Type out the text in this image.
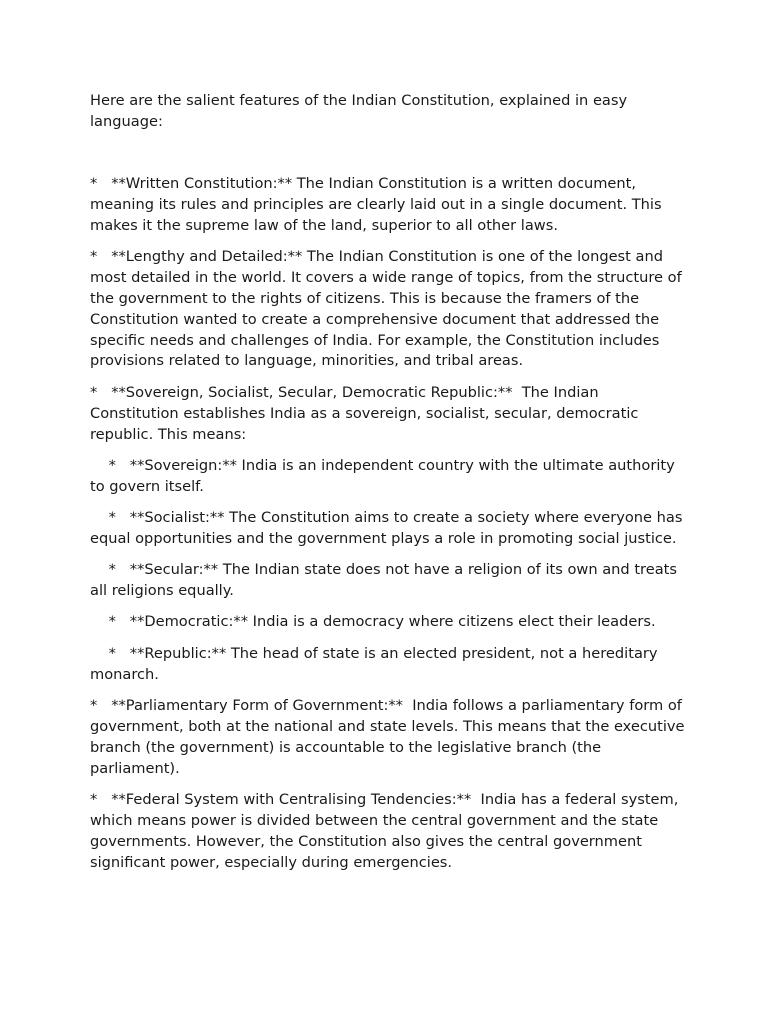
Here are the salient features of the Indian Constitution, explained in easy language:

*   **Written Constitution:** The Indian Constitution is a written document, meaning its rules and principles are clearly laid out in a single document. This makes it the supreme law of the land, superior to all other laws.

*   **Lengthy and Detailed:** The Indian Constitution is one of the longest and most detailed in the world. It covers a wide range of topics, from the structure of the government to the rights of citizens. This is because the framers of the Constitution wanted to create a comprehensive document that addressed the specific needs and challenges of India. For example, the Constitution includes provisions related to language, minorities, and tribal areas.

*   **Sovereign, Socialist, Secular, Democratic Republic:**  The Indian Constitution establishes India as a sovereign, socialist, secular, democratic republic. This means:

*   **Sovereign:** India is an independent country with the ultimate authority to govern itself.

*   **Socialist:** The Constitution aims to create a society where everyone has equal opportunities and the government plays a role in promoting social justice.

*   **Secular:** The Indian state does not have a religion of its own and treats all religions equally.

*   **Democratic:** India is a democracy where citizens elect their leaders.

*   **Republic:** The head of state is an elected president, not a hereditary monarch.

*   **Parliamentary Form of Government:**  India follows a parliamentary form of government, both at the national and state levels. This means that the executive branch (the government) is accountable to the legislative branch (the parliament).

*   **Federal System with Centralising Tendencies:**  India has a federal system, which means power is divided between the central government and the state governments. However, the Constitution also gives the central government significant power, especially during emergencies.
